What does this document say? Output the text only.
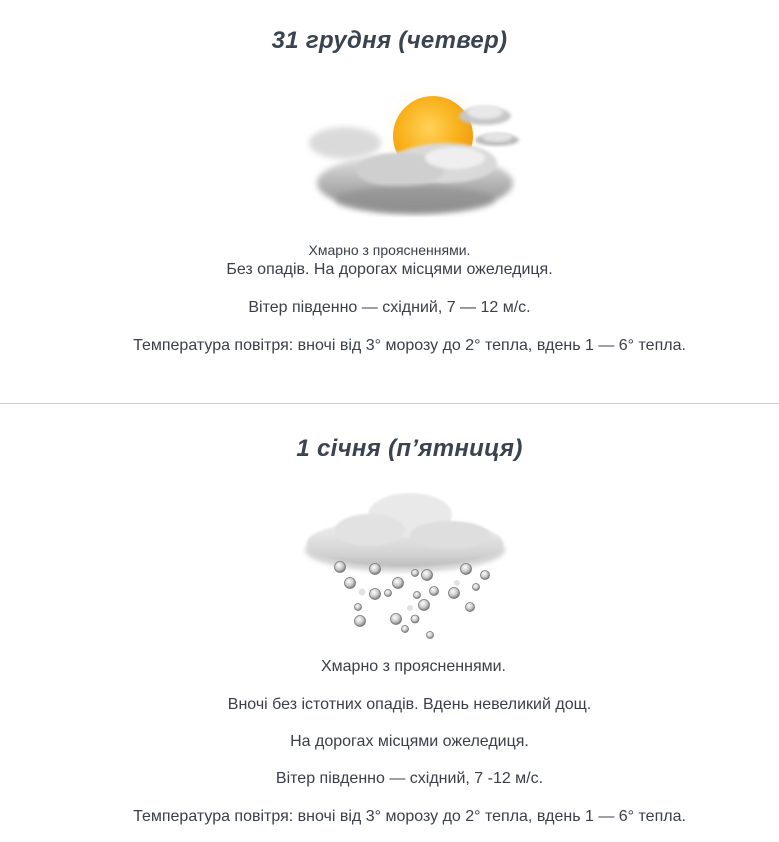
31 грудня (четвер)

Хмарно з проясненнями.

Без опадів. На дорогах місцями ожеледиця.

Вітер південно — східний, 7 — 12 м/с.

Температура повітря: вночі від 3° морозу до 2° тепла, вдень 1 — 6° тепла.

1 січня (п’ятниця)

Хмарно з проясненнями.

Вночі без істотних опадів. Вдень невеликий дощ.

На дорогах місцями ожеледиця.

Вітер південно — східний, 7 -12 м/с.

Температура повітря: вночі від 3° морозу до 2° тепла, вдень 1 — 6° тепла.
